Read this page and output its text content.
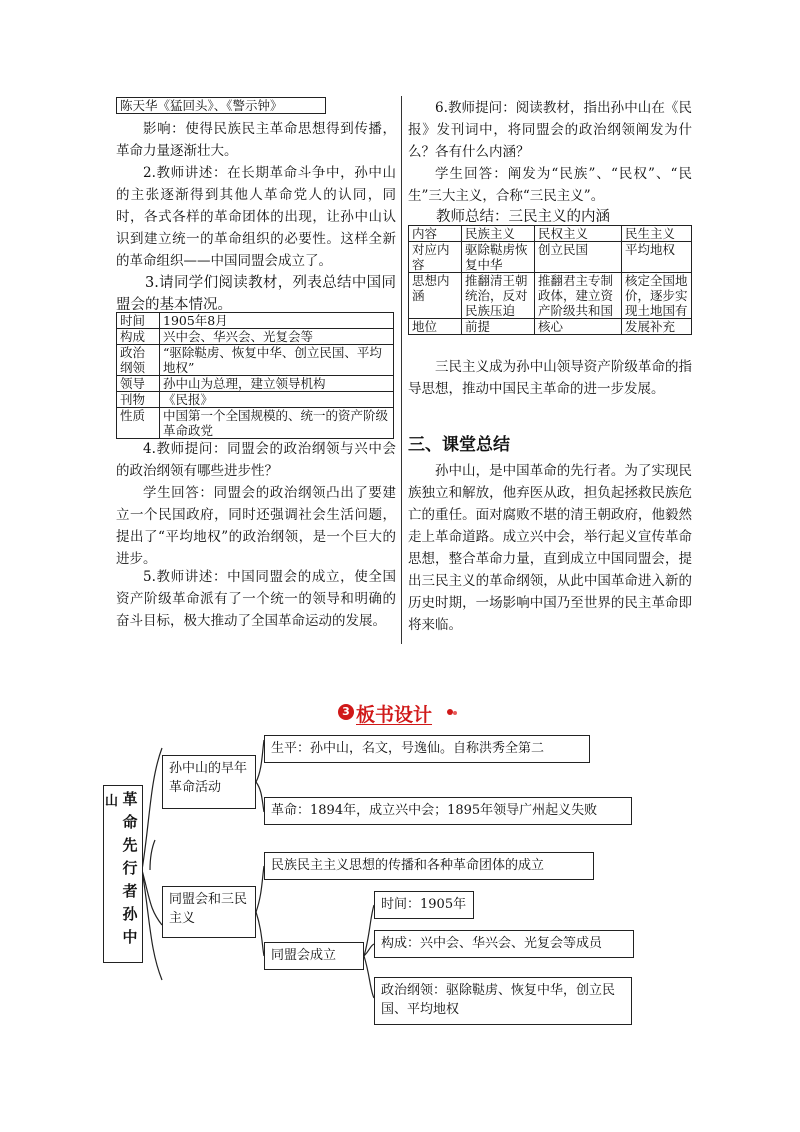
陈天华《猛回头》、《警示钟》
影响：使得民族民主革命思想得到传播，革命力量逐渐壮大。
2.教师讲述：在长期革命斗争中，孙中山的主张逐渐得到其他人革命党人的认同，同时，各式各样的革命团体的出现，让孙中山认识到建立统一的革命组织的必要性。这样全新的革命组织——中国同盟会成立了。
3.请同学们阅读教材，列表总结中国同盟会的基本情况。
时间	1905年8月
构成	兴中会、华兴会、光复会等
政治纲领	“驱除鞑虏、恢复中华、创立民国、平均地权”
领导	孙中山为总理，建立领导机构
刊物	《民报》
性质	中国第一个全国规模的、统一的资产阶级革命政党
4.教师提问：同盟会的政治纲领与兴中会的政治纲领有哪些进步性？
学生回答：同盟会的政治纲领凸出了要建立一个民国政府，同时还强调社会生活问题，提出了“平均地权”的政治纲领，是一个巨大的进步。
5.教师讲述：中国同盟会的成立，使全国资产阶级革命派有了一个统一的领导和明确的奋斗目标，极大推动了全国革命运动的发展。
6.教师提问：阅读教材，指出孙中山在《民报》发刊词中，将同盟会的政治纲领阐发为什么？各有什么内涵？
学生回答：阐发为“民族”、“民权”、“民生”三大主义，合称“三民主义”。
教师总结：三民主义的内涵
内容	民族主义	民权主义	民生主义
对应内容	驱除鞑虏恢复中华	创立民国	平均地权
思想内涵	推翻清王朝统治，反对民族压迫	推翻君主专制政体，建立资产阶级共和国	核定全国地价，逐步实现土地国有
地位	前提	核心	发展补充
三民主义成为孙中山领导资产阶级革命的指导思想，推动中国民主革命的进一步发展。
三、课堂总结
孙中山，是中国革命的先行者。为了实现民族独立和解放，他弃医从政，担负起拯救民族危亡的重任。面对腐败不堪的清王朝政府，他毅然走上革命道路。成立兴中会，举行起义宣传革命思想，整合革命力量，直到成立中国同盟会，提出三民主义的革命纲领，从此中国革命进入新的历史时期，一场影响中国乃至世界的民主革命即将来临。
3 板书设计
山 革
命
先
行
者
孙
中
孙中山的早年革命活动
生平：孙中山，名文，号逸仙。自称洪秀全第二
革命：1894年，成立兴中会；1895年领导广州起义失败
同盟会和三民主义
民族民主主义思想的传播和各种革命团体的成立
同盟会成立
时间：1905年
构成：兴中会、华兴会、光复会等成员
政治纲领：驱除鞑虏、恢复中华，创立民国、平均地权
